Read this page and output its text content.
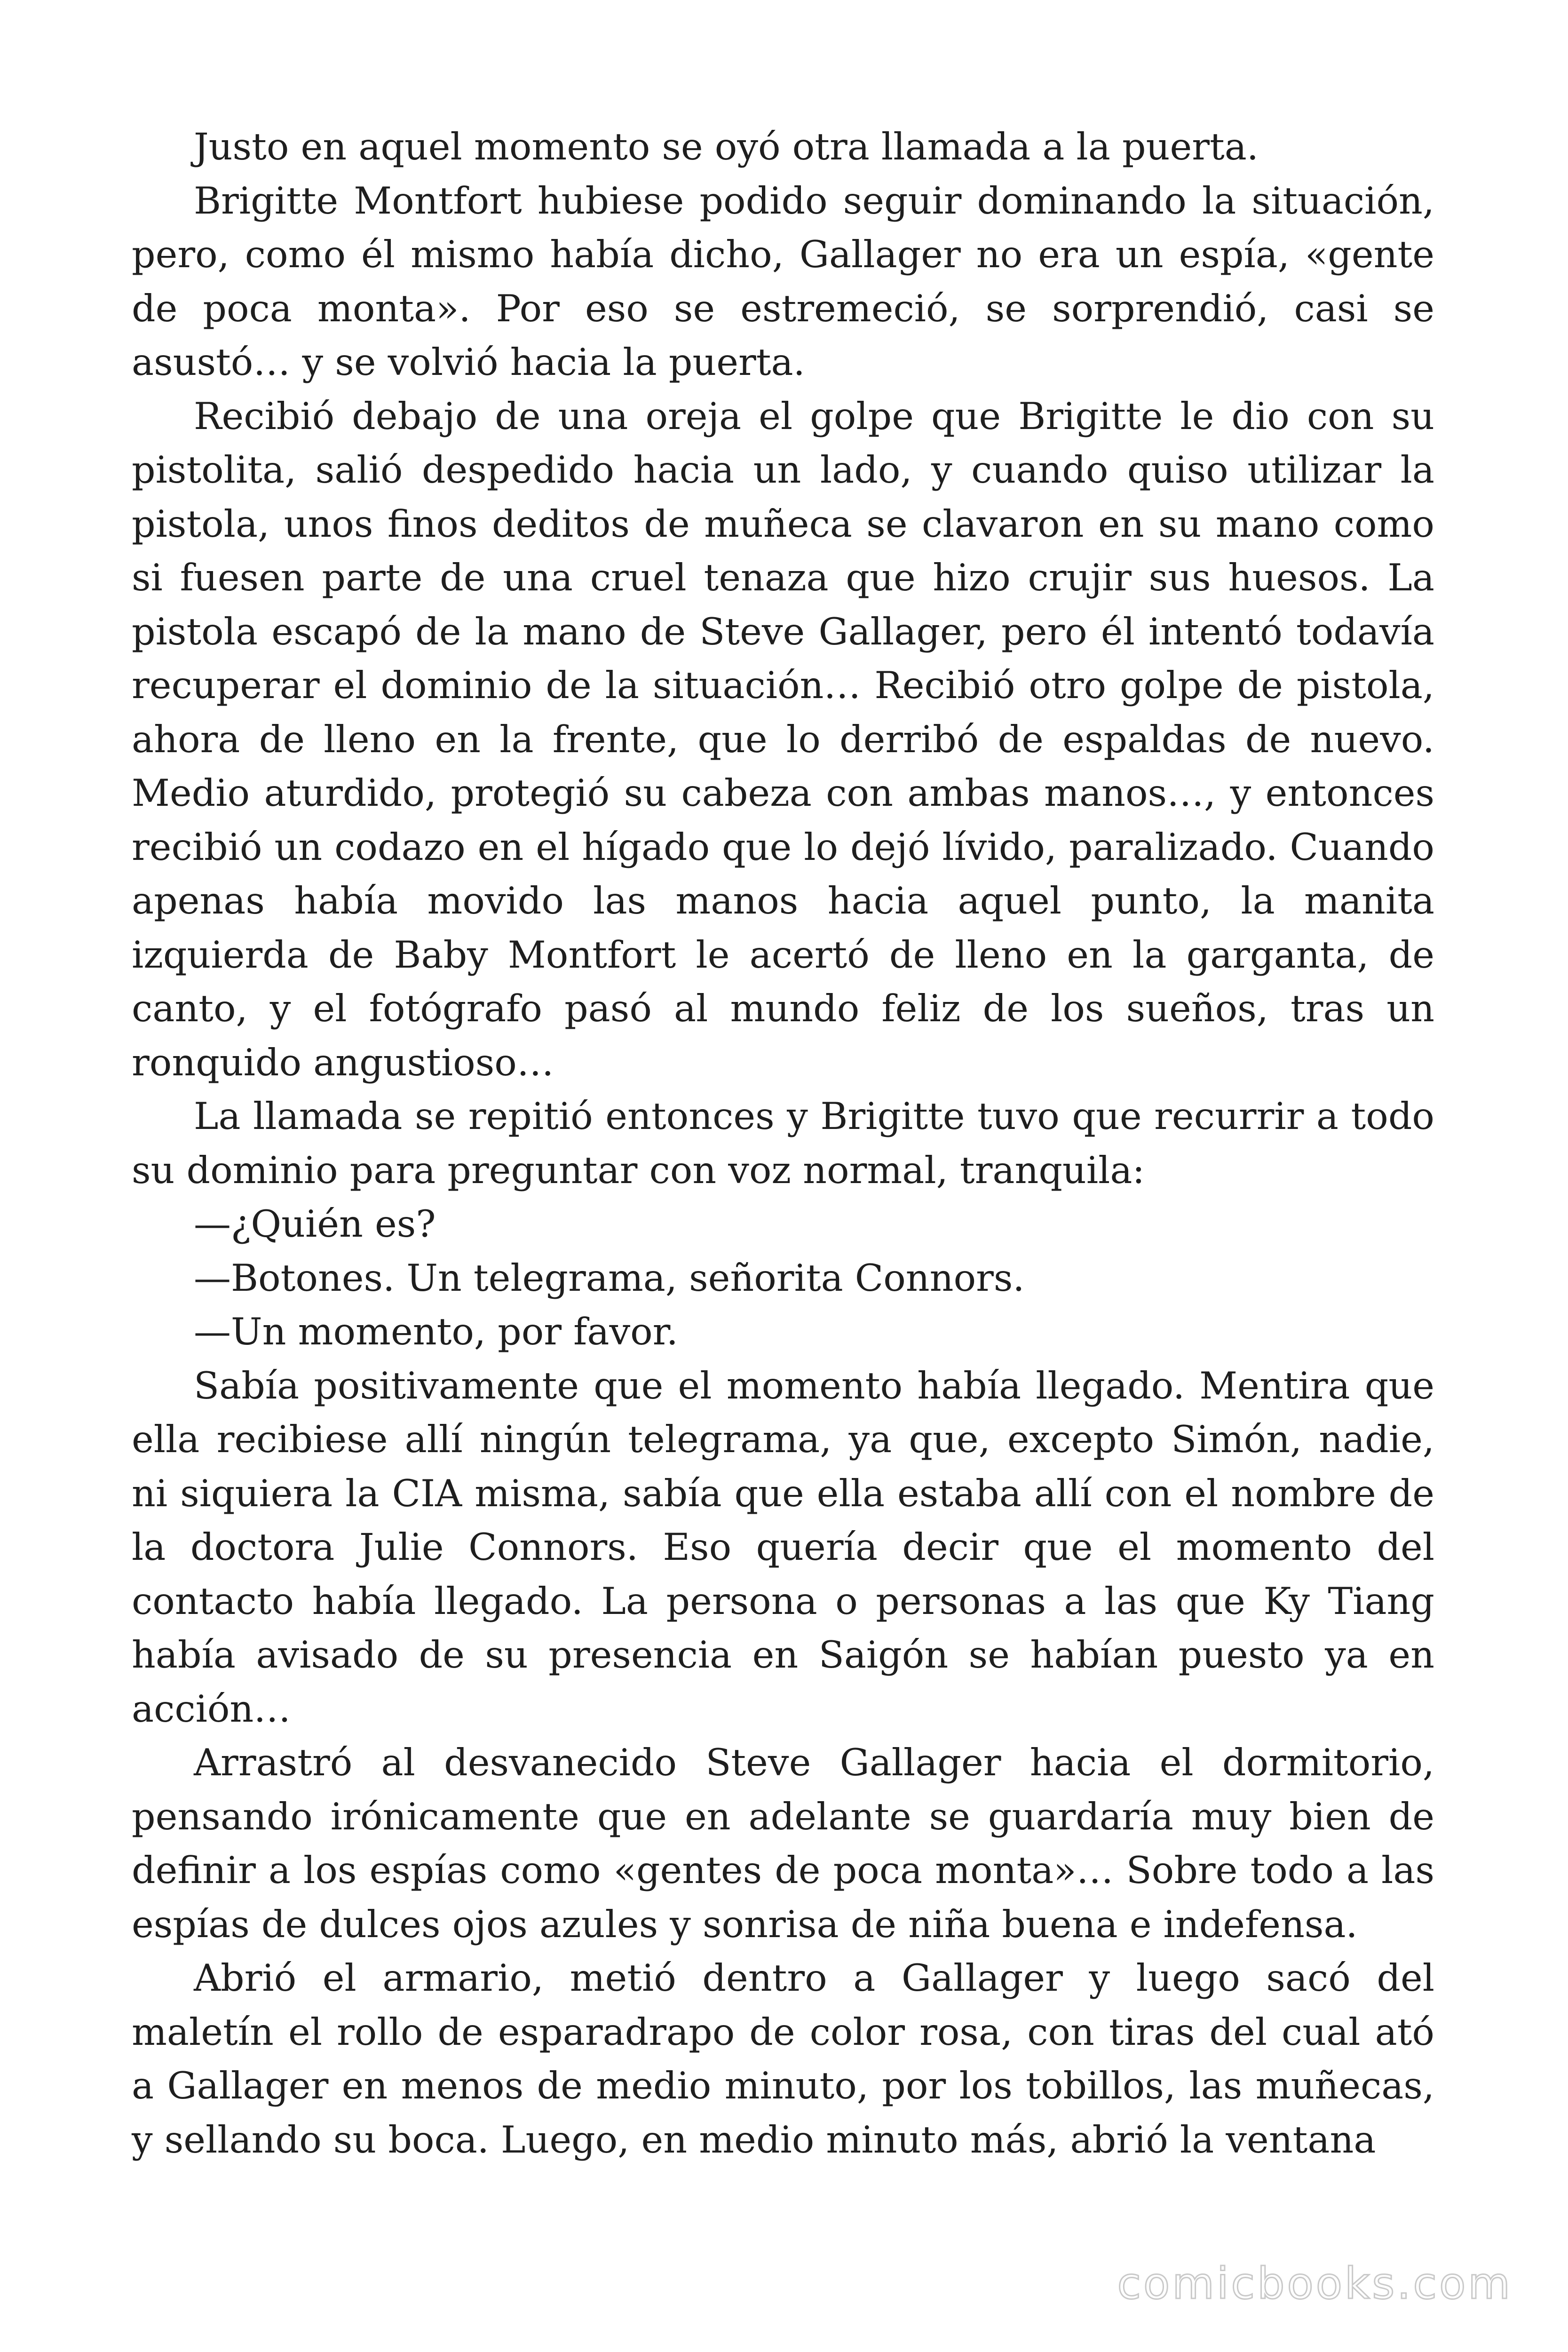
Justo en aquel momento se oyó otra llamada a la puerta.

Brigitte Montfort hubiese podido seguir dominando la situación, pero, como él mismo había dicho, Gallager no era un espía, «gente de poca monta». Por eso se estremeció, se sorprendió, casi se asustó… y se volvió hacia la puerta.

Recibió debajo de una oreja el golpe que Brigitte le dio con su pistolita, salió despedido hacia un lado, y cuando quiso utilizar la pistola, unos finos deditos de muñeca se clavaron en su mano como si fuesen parte de una cruel tenaza que hizo crujir sus huesos. La pistola escapó de la mano de Steve Gallager, pero él intentó todavía recuperar el dominio de la situación… Recibió otro golpe de pistola, ahora de lleno en la frente, que lo derribó de espaldas de nuevo. Medio aturdido, protegió su cabeza con ambas manos…, y entonces recibió un codazo en el hígado que lo dejó lívido, paralizado. Cuando apenas había movido las manos hacia aquel punto, la manita izquierda de Baby Montfort le acertó de lleno en la garganta, de canto, y el fotógrafo pasó al mundo feliz de los sueños, tras un ronquido angustioso…

La llamada se repitió entonces y Brigitte tuvo que recurrir a todo su dominio para preguntar con voz normal, tranquila:

—¿Quién es?

—Botones. Un telegrama, señorita Connors.

—Un momento, por favor.

Sabía positivamente que el momento había llegado. Mentira que ella recibiese allí ningún telegrama, ya que, excepto Simón, nadie, ni siquiera la CIA misma, sabía que ella estaba allí con el nombre de la doctora Julie Connors. Eso quería decir que el momento del contacto había llegado. La persona o personas a las que Ky Tiang había avisado de su presencia en Saigón se habían puesto ya en acción…

Arrastró al desvanecido Steve Gallager hacia el dormitorio, pensando irónicamente que en adelante se guardaría muy bien de definir a los espías como «gentes de poca monta»… Sobre todo a las espías de dulces ojos azules y sonrisa de niña buena e indefensa.

Abrió el armario, metió dentro a Gallager y luego sacó del maletín el rollo de esparadrapo de color rosa, con tiras del cual ató a Gallager en menos de medio minuto, por los tobillos, las muñecas, y sellando su boca. Luego, en medio minuto más, abrió la ventana

comicbooks.com
